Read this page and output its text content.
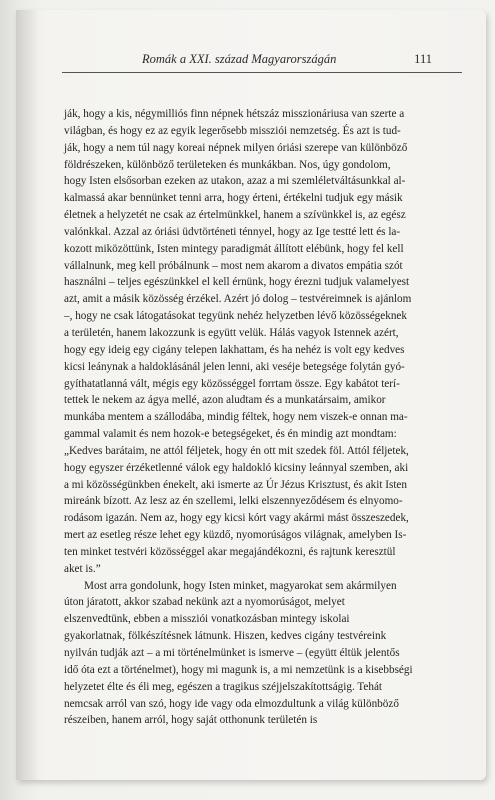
Romák a XXI. század Magyarországán	111

ják, hogy a kis, négymilliós finn népnek hétszáz misszionáriusa van szerte a
világban, és hogy ez az egyik legerősebb missziói nemzetség. És azt is tud-
ják, hogy a nem túl nagy koreai népnek milyen óriási szerepe van különböző
földrészeken, különböző területeken és munkákban. Nos, úgy gondolom,
hogy Isten elsősorban ezeken az utakon, azaz a mi szemléletváltásunkkal al-
kalmassá akar bennünket tenni arra, hogy érteni, értékelni tudjuk egy másik
életnek a helyzetét ne csak az értelmünkkel, hanem a szívünkkel is, az egész
valónkkal. Azzal az óriási üdvtörténeti ténnyel, hogy az Ige testté lett és la-
kozott miközöttünk, Isten mintegy paradigmát állított elébünk, hogy fel kell
vállalnunk, meg kell próbálnunk – most nem akarom a divatos empátia szót
használni – teljes egészünkkel el kell érnünk, hogy érezni tudjuk valamelyest
azt, amit a másik közösség érzékel. Azért jó dolog – testvéreimnek is ajánlom
–, hogy ne csak látogatásokat tegyünk nehéz helyzetben lévő közösségeknek
a területén, hanem lakozzunk is együtt velük. Hálás vagyok Istennek azért,
hogy egy ideig egy cigány telepen lakhattam, és ha nehéz is volt egy kedves
kicsi leánynak a haldoklásánál jelen lenni, aki veséje betegsége folytán gyó-
gyíthatatlanná vált, mégis egy közösséggel forrtam össze. Egy kabátot terí-
tettek le nekem az ágya mellé, azon aludtam és a munkatársaim, amikor
munkába mentem a szállodába, mindig féltek, hogy nem viszek-e onnan ma-
gammal valamit és nem hozok-e betegségeket, és én mindig azt mondtam:
„Kedves barátaim, ne attól féljetek, hogy én ott mit szedek föl. Attól féljetek,
hogy egyszer érzéketlenné válok egy haldokló kicsiny leánnyal szemben, aki
a mi közösségünkben énekelt, aki ismerte az Úr Jézus Krisztust, és akit Isten
mireánk bízott. Az lesz az én szellemi, lelki elszennyeződésem és elnyomo-
rodásom igazán. Nem az, hogy egy kicsi kórt vagy akármi mást összeszedek,
mert az esetleg része lehet egy küzdő, nyomorúságos világnak, amelyben Is-
ten minket testvéri közösséggel akar megajándékozni, és rajtunk keresztül
aket is.”

Most arra gondolunk, hogy Isten minket, magyarokat sem akármilyen
úton járatott, akkor szabad nekünk azt a nyomorúságot, melyet
elszenvedtünk, ebben a missziói vonatkozásban mintegy iskolai
gyakorlatnak, fölkészítésnek látnunk. Hiszen, kedves cigány testvéreink
nyilván tudják azt – a mi történelmünket is ismerve – (együtt éltük jelentős
idő óta ezt a történelmet), hogy mi magunk is, a mi nemzetünk is a kisebbségi
helyzetet élte és éli meg, egészen a tragikus széjjelszakítottságig. Tehát
nemcsak arról van szó, hogy ide vagy oda elmozdultunk a világ különböző
részeiben, hanem arról, hogy saját otthonunk területén is
